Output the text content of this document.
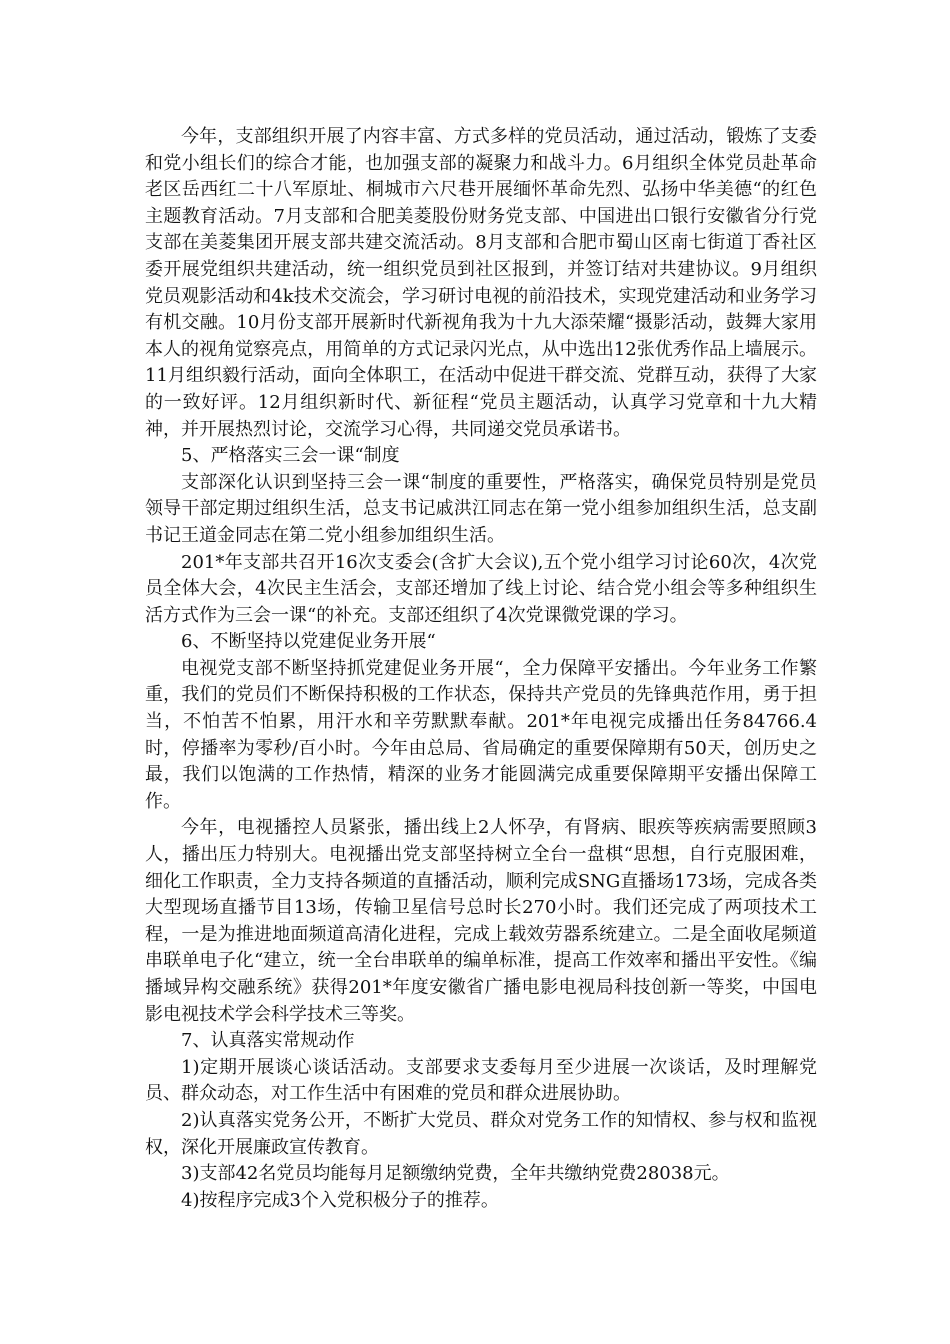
今年，支部组织开展了内容丰富、方式多样的党员活动，通过活动，锻炼了支委和党小组长们的综合才能，也加强支部的凝聚力和战斗力。6月组织全体党员赴革命老区岳西红二十八军原址、桐城市六尺巷开展缅怀革命先烈、弘扬中华美德“的红色主题教育活动。7月支部和合肥美菱股份财务党支部、中国进出口银行安徽省分行党支部在美菱集团开展支部共建交流活动。8月支部和合肥市蜀山区南七街道丁香社区委开展党组织共建活动，统一组织党员到社区报到，并签订结对共建协议。9月组织党员观影活动和4k技术交流会，学习研讨电视的前沿技术，实现党建活动和业务学习有机交融。10月份支部开展新时代新视角我为十九大添荣耀“摄影活动，鼓舞大家用本人的视角觉察亮点，用简单的方式记录闪光点，从中选出12张优秀作品上墙展示。11月组织毅行活动，面向全体职工，在活动中促进干群交流、党群互动，获得了大家的一致好评。12月组织新时代、新征程“党员主题活动，认真学习党章和十九大精神，并开展热烈讨论，交流学习心得，共同递交党员承诺书。

5、严格落实三会一课“制度

支部深化认识到坚持三会一课“制度的重要性，严格落实，确保党员特别是党员领导干部定期过组织生活，总支书记戚洪江同志在第一党小组参加组织生活，总支副书记王道金同志在第二党小组参加组织生活。

201*年支部共召开16次支委会(含扩大会议),五个党小组学习讨论60次，4次党员全体大会，4次民主生活会，支部还增加了线上讨论、结合党小组会等多种组织生活方式作为三会一课“的补充。支部还组织了4次党课微党课的学习。

6、不断坚持以党建促业务开展“

电视党支部不断坚持抓党建促业务开展“，全力保障平安播出。今年业务工作繁重，我们的党员们不断保持积极的工作状态，保持共产党员的先锋典范作用，勇于担当，不怕苦不怕累，用汗水和辛劳默默奉献。201*年电视完成播出任务84766.4时，停播率为零秒/百小时。今年由总局、省局确定的重要保障期有50天，创历史之最，我们以饱满的工作热情，精深的业务才能圆满完成重要保障期平安播出保障工作。

今年，电视播控人员紧张，播出线上2人怀孕，有肾病、眼疾等疾病需要照顾3人，播出压力特别大。电视播出党支部坚持树立全台一盘棋“思想，自行克服困难，细化工作职责，全力支持各频道的直播活动，顺利完成SNG直播场173场，完成各类大型现场直播节目13场，传输卫星信号总时长270小时。我们还完成了两项技术工程，一是为推进地面频道高清化进程，完成上载效劳器系统建立。二是全面收尾频道串联单电子化“建立，统一全台串联单的编单标准，提高工作效率和播出平安性。《编播域异构交融系统》获得201*年度安徽省广播电影电视局科技创新一等奖，中国电影电视技术学会科学技术三等奖。

7、认真落实常规动作

1)定期开展谈心谈话活动。支部要求支委每月至少进展一次谈话，及时理解党员、群众动态，对工作生活中有困难的党员和群众进展协助。

2)认真落实党务公开，不断扩大党员、群众对党务工作的知情权、参与权和监视权，深化开展廉政宣传教育。

3)支部42名党员均能每月足额缴纳党费，全年共缴纳党费28038元。

4)按程序完成3个入党积极分子的推荐。
